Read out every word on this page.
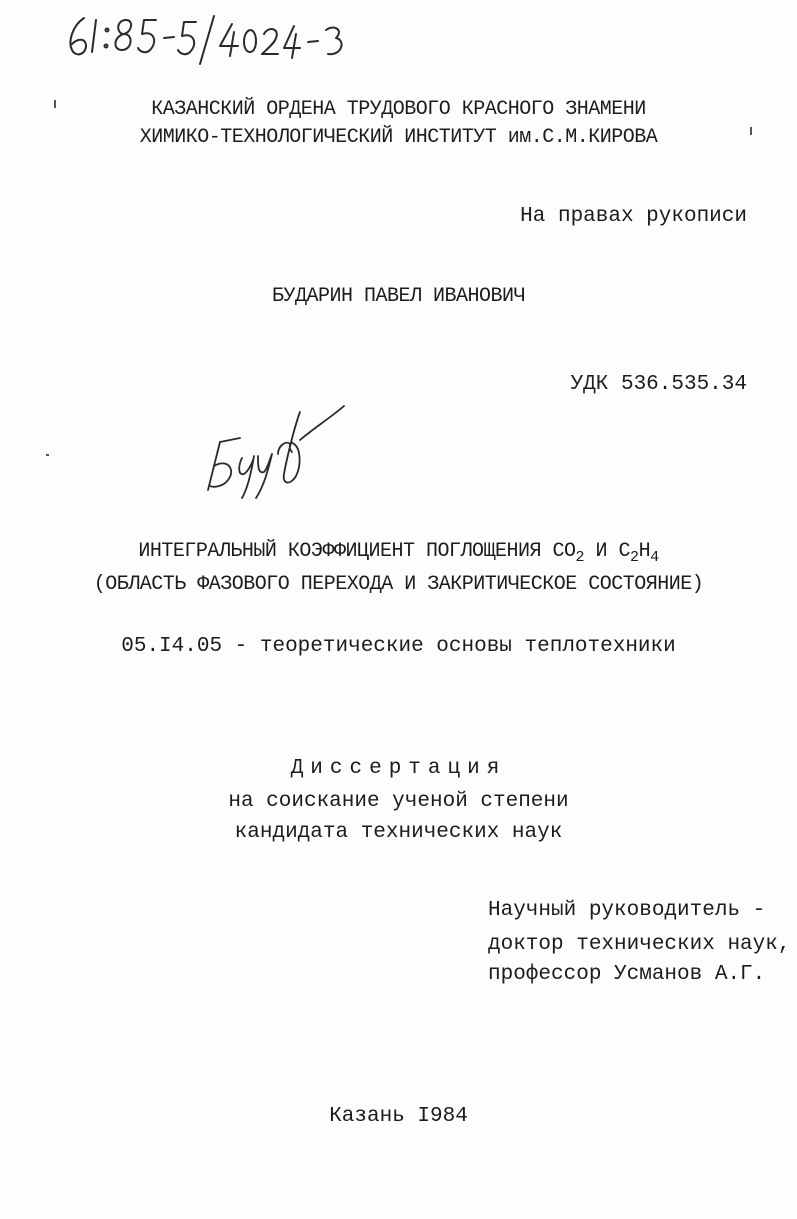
КАЗАНСКИЙ ОРДЕНА ТРУДОВОГО КРАСНОГО ЗНАМЕНИ
ХИМИКО-ТЕХНОЛОГИЧЕСКИЙ ИНСТИТУТ им.С.М.КИРОВА
На правах рукописи
БУДАРИН ПАВЕЛ ИВАНОВИЧ
УДК 536.535.34
ИНТЕГРАЛЬНЫЙ КОЭФФИЦИЕНТ ПОГЛОЩЕНИЯ $CO_2$ И $C_2H_4$
(ОБЛАСТЬ ФАЗОВОГО ПЕРЕХОДА И ЗАКРИТИЧЕСКОЕ СОСТОЯНИЕ)
05.I4.05 - теоретические основы теплотехники
Диссертация
на соискание ученой степени
кандидата технических наук
Научный руководитель -
доктор технических наук,
профессор Усманов А.Г.
Казань I984
